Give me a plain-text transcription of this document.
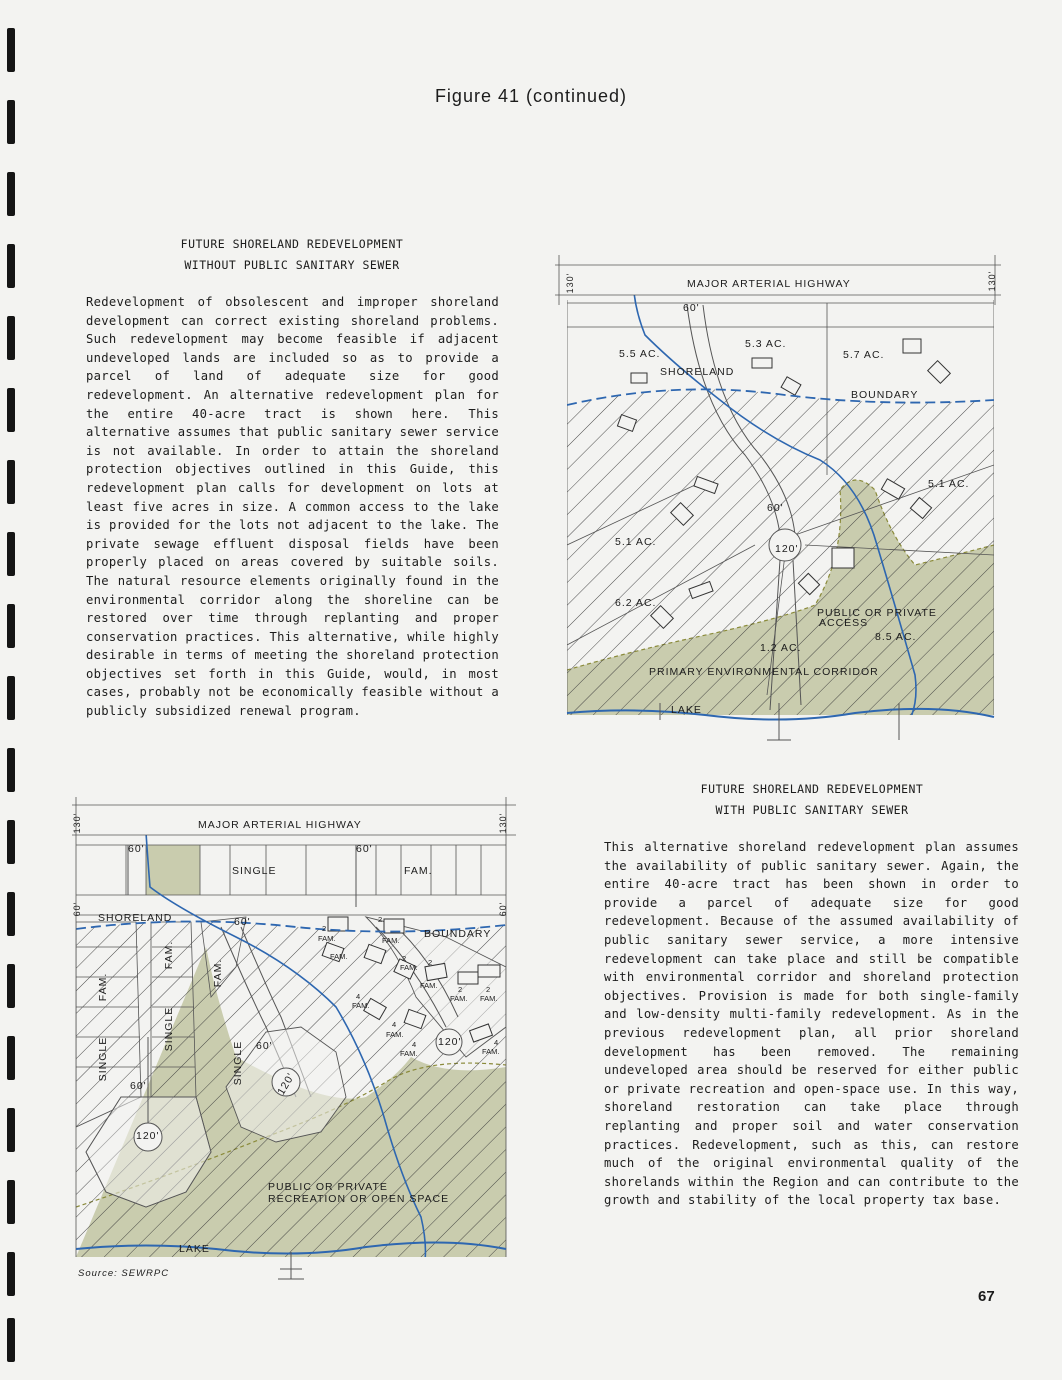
Figure 41 (continued)
FUTURE SHORELAND REDEVELOPMENT
WITHOUT PUBLIC SANITARY SEWER
Redevelopment of obsolescent and improper shoreland development can correct existing shoreland problems. Such redevelopment may become feasible if adjacent undeveloped lands are included so as to provide a parcel of land of adequate size for good redevelopment. An alternative redevelopment plan for the entire 40-acre tract is shown here. This alternative assumes that public sanitary sewer service is not available. In order to attain the shoreland protection objectives outlined in this Guide, this redevelopment plan calls for development on lots at least five acres in size. A common access to the lake is provided for the lots not adjacent to the lake. The private sewage effluent disposal fields have been properly placed on areas covered by suitable soils. The natural resource elements originally found in the environmental corridor along the shoreline can be restored over time through replanting and proper conservation practices. This alternative, while highly desirable in terms of meeting the shoreland protection objectives set forth in this Guide, would, in most cases, probably not be economically feasible without a publicly subsidized renewal program.
FUTURE SHORELAND REDEVELOPMENT
WITH PUBLIC SANITARY SEWER
This alternative shoreland redevelopment plan assumes the availability of public sanitary sewer. Again, the entire 40-acre tract has been shown in order to provide a parcel of adequate size for good redevelopment. Because of the assumed availability of public sanitary sewer service, a more intensive redevelopment can take place and still be compatible with environmental corridor and shoreland protection objectives. Provision is made for both single-family and low-density multi-family redevelopment. As in the previous redevelopment plan, all prior shoreland development has been removed. The remaining undeveloped area should be reserved for either public or private recreation and open-space use. In this way, shoreland restoration can take place through replanting and proper soil and water conservation practices. Redevelopment, such as this, can restore much of the original environmental quality of the shorelands within the Region and can contribute to the growth and stability of the local property tax base.
130'	130'
MAJOR ARTERIAL HIGHWAY
60'
5.5 AC.
5.3 AC.
5.7 AC.
SHORELAND
BOUNDARY
5.1 AC.
60'
5.1 AC.
120'
6.2 AC.
PUBLIC OR PRIVATE
ACCESS
1.2 AC.
8.5 AC.
PRIMARY ENVIRONMENTAL CORRIDOR
LAKE
130'	130'
MAJOR ARTERIAL HIGHWAY
60'	60'
SINGLE	FAM.
60'	60'
SHORELAND	60'
BOUNDARY
FAM.
FAM.
FAM.
SINGLE
SINGLE
SINGLE
60'
60'
120'
120'
120'
2
FAM.
2
FAM.
FAM.	2
FAM.
2
FAM.	2
FAM.
2
FAM.
4
FAM.
4
FAM.
4
FAM.
4
FAM.
PUBLIC OR PRIVATE
RECREATION OR OPEN SPACE
LAKE
Source: SEWRPC
67
